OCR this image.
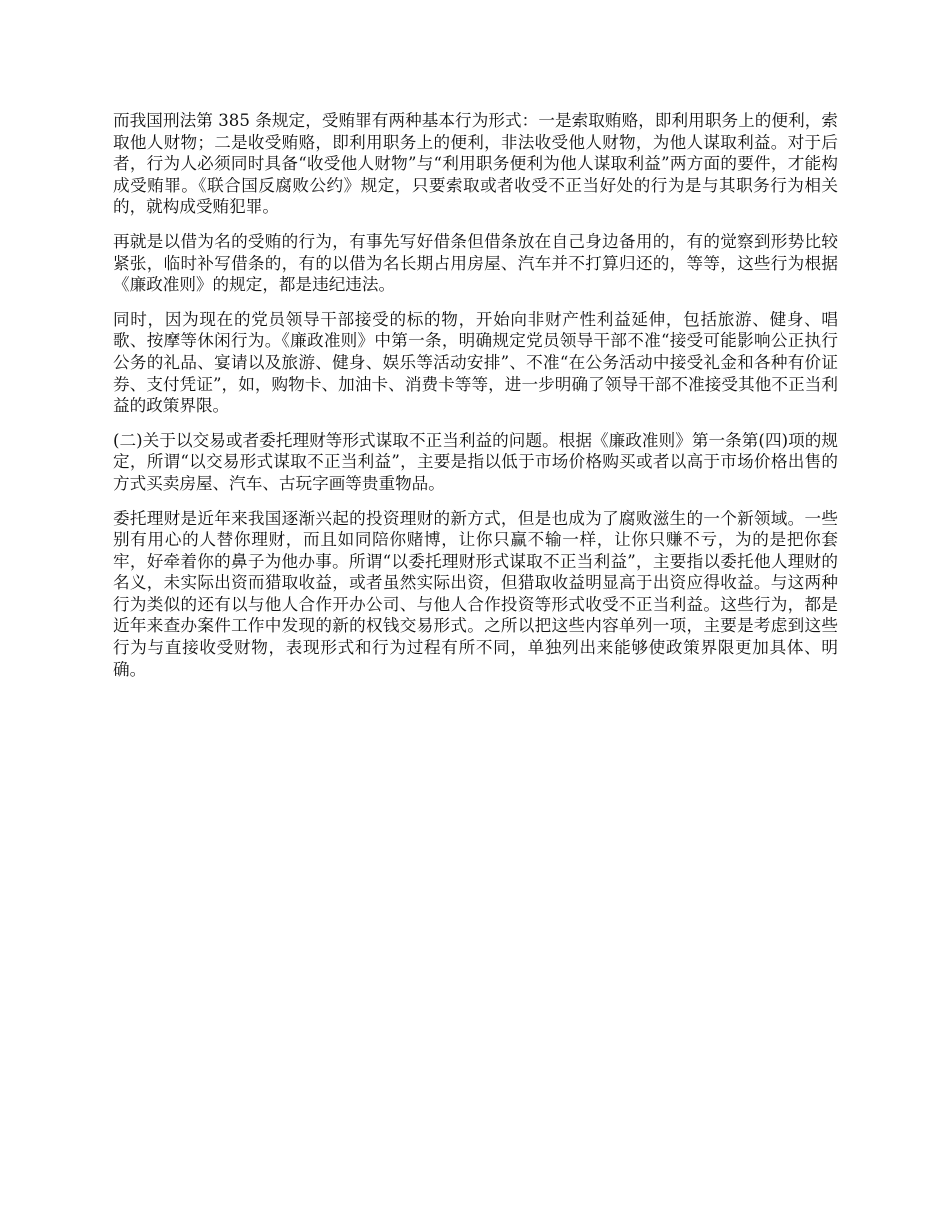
而我国刑法第 385 条规定，受贿罪有两种基本行为形式：一是索取贿赂，即利用职务上的便利，索取他人财物；二是收受贿赂，即利用职务上的便利，非法收受他人财物，为他人谋取利益。对于后者，行为人必须同时具备“收受他人财物”与“利用职务便利为他人谋取利益”两方面的要件，才能构成受贿罪。《联合国反腐败公约》规定，只要索取或者收受不正当好处的行为是与其职务行为相关的，就构成受贿犯罪。

再就是以借为名的受贿的行为，有事先写好借条但借条放在自己身边备用的，有的觉察到形势比较紧张，临时补写借条的，有的以借为名长期占用房屋、汽车并不打算归还的，等等，这些行为根据《廉政准则》的规定，都是违纪违法。

同时，因为现在的党员领导干部接受的标的物，开始向非财产性利益延伸，包括旅游、健身、唱歌、按摩等休闲行为。《廉政准则》中第一条，明确规定党员领导干部不准“接受可能影响公正执行公务的礼品、宴请以及旅游、健身、娱乐等活动安排”、不准“在公务活动中接受礼金和各种有价证券、支付凭证”，如，购物卡、加油卡、消费卡等等，进一步明确了领导干部不准接受其他不正当利益的政策界限。

(二)关于以交易或者委托理财等形式谋取不正当利益的问题。根据《廉政准则》第一条第(四)项的规定，所谓“以交易形式谋取不正当利益”，主要是指以低于市场价格购买或者以高于市场价格出售的方式买卖房屋、汽车、古玩字画等贵重物品。

委托理财是近年来我国逐渐兴起的投资理财的新方式，但是也成为了腐败滋生的一个新领域。一些别有用心的人替你理财，而且如同陪你赌博，让你只赢不输一样，让你只赚不亏，为的是把你套牢，好牵着你的鼻子为他办事。所谓“以委托理财形式谋取不正当利益”，主要指以委托他人理财的名义，未实际出资而猎取收益，或者虽然实际出资，但猎取收益明显高于出资应得收益。与这两种行为类似的还有以与他人合作开办公司、与他人合作投资等形式收受不正当利益。这些行为，都是近年来查办案件工作中发现的新的权钱交易形式。之所以把这些内容单列一项，主要是考虑到这些行为与直接收受财物，表现形式和行为过程有所不同，单独列出来能够使政策界限更加具体、明确。
